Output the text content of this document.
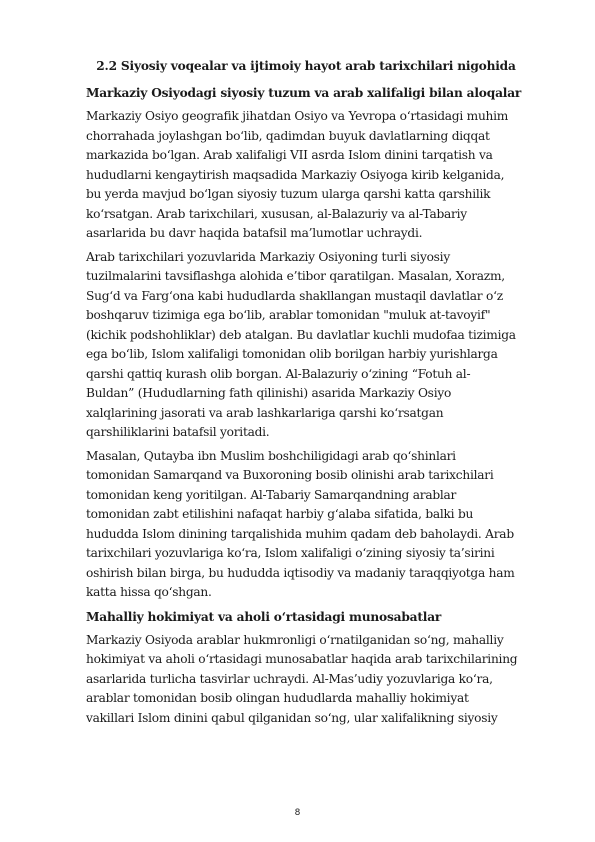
2.2 Siyosiy voqealar va ijtimoiy hayot arab tarixchilari nigohida
Markaziy Osiyodagi siyosiy tuzum va arab xalifaligi bilan aloqalar
Markaziy Osiyo geografik jihatdan Osiyo va Yevropa o‘rtasidagi muhim
chorrahada joylashgan bo‘lib, qadimdan buyuk davlatlarning diqqat
markazida bo‘lgan. Arab xalifaligi VII asrda Islom dinini tarqatish va
hududlarni kengaytirish maqsadida Markaziy Osiyoga kirib kelganida,
bu yerda mavjud bo‘lgan siyosiy tuzum ularga qarshi katta qarshilik
ko‘rsatgan. Arab tarixchilari, xususan, al-Balazuriy va al-Tabariy
asarlarida bu davr haqida batafsil ma’lumotlar uchraydi.
Arab tarixchilari yozuvlarida Markaziy Osiyoning turli siyosiy
tuzilmalarini tavsiflashga alohida e’tibor qaratilgan. Masalan, Xorazm,
Sug‘d va Farg‘ona kabi hududlarda shakllangan mustaqil davlatlar o‘z
boshqaruv tizimiga ega bo‘lib, arablar tomonidan "muluk at-tavoyif"
(kichik podshohliklar) deb atalgan. Bu davlatlar kuchli mudofaa tizimiga
ega bo‘lib, Islom xalifaligi tomonidan olib borilgan harbiy yurishlarga
qarshi qattiq kurash olib borgan. Al-Balazuriy o‘zining “Fotuh al-
Buldan” (Hududlarning fath qilinishi) asarida Markaziy Osiyo
xalqlarining jasorati va arab lashkarlariga qarshi ko‘rsatgan
qarshiliklarini batafsil yoritadi.
Masalan, Qutayba ibn Muslim boshchiligidagi arab qo‘shinlari
tomonidan Samarqand va Buxoroning bosib olinishi arab tarixchilari
tomonidan keng yoritilgan. Al-Tabariy Samarqandning arablar
tomonidan zabt etilishini nafaqat harbiy g‘alaba sifatida, balki bu
hududda Islom dinining tarqalishida muhim qadam deb baholaydi. Arab
tarixchilari yozuvlariga ko‘ra, Islom xalifaligi o‘zining siyosiy ta’sirini
oshirish bilan birga, bu hududda iqtisodiy va madaniy taraqqiyotga ham
katta hissa qo‘shgan.
Mahalliy hokimiyat va aholi o‘rtasidagi munosabatlar
Markaziy Osiyoda arablar hukmronligi o‘rnatilganidan so‘ng, mahalliy
hokimiyat va aholi o‘rtasidagi munosabatlar haqida arab tarixchilarining
asarlarida turlicha tasvirlar uchraydi. Al-Mas’udiy yozuvlariga ko‘ra,
arablar tomonidan bosib olingan hududlarda mahalliy hokimiyat
vakillari Islom dinini qabul qilganidan so‘ng, ular xalifalikning siyosiy
8
